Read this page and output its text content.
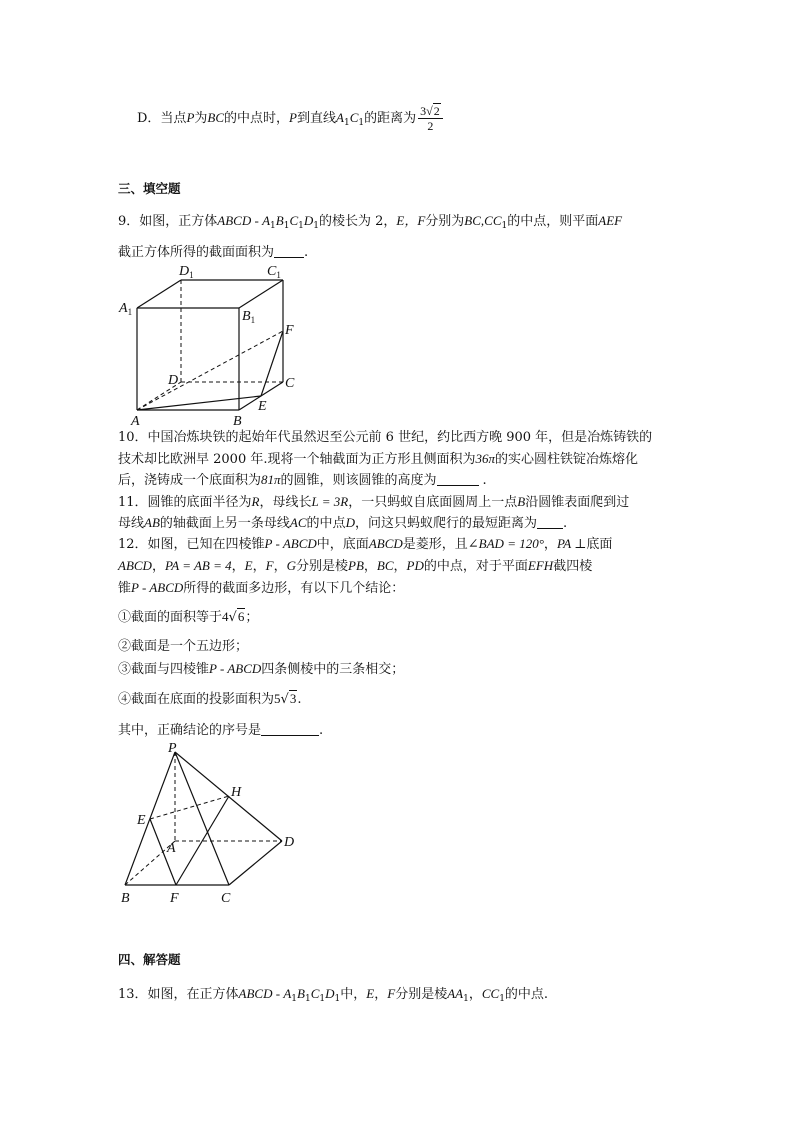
D．当点P为BC的中点时，P到直线$A_1C_1$的距离为 $\frac{3√2}{2}$
三、填空题
9．如图，正方体ABCD - $A_1B_1C_1D_1$的棱长为 2，E，F分别为$BC,CC_1$的中点，则平面AEF
截正方体所得的截面面积为 .
$D_1$	$C_1$
$A_1$	$B_1$
F
D	C
A	B
E
10．中国冶炼块铁的起始年代虽然迟至公元前 6 世纪，约比西方晚 900 年，但是冶炼铸铁的
技术却比欧洲早 2000 年.现将一个轴截面为正方形且侧面积为36π的实心圆柱铁锭冶炼熔化
后，浇铸成一个底面积为81π的圆锥，则该圆锥的高度为	.
11．圆锥的底面半径为R，母线长L = 3R，一只蚂蚁自底面圆周上一点B沿圆锥表面爬到过
母线AB的轴截面上另一条母线AC的中点D，问这只蚂蚁爬行的最短距离为 .
12．如图，已知在四棱锥P - ABCD中，底面ABCD是菱形，且∠BAD = 120°，PA ⊥底面
ABCD，PA = AB = 4，E，F，G分别是棱PB，BC，PD的中点，对于平面EFH截四棱
锥P - ABCD所得的截面多边形，有以下几个结论：
①截面的面积等于4√6；
②截面是一个五边形；
③截面与四棱锥P - ABCD四条侧棱中的三条相交；
④截面在底面的投影面积为5√3.
其中，正确结论的序号是	.
P
H
E
A	D
B	F	C
四、解答题
13．如图，在正方体ABCD - $A_1B_1C_1D_1$中，E，F分别是棱$AA_1$，$CC_1$的中点.
